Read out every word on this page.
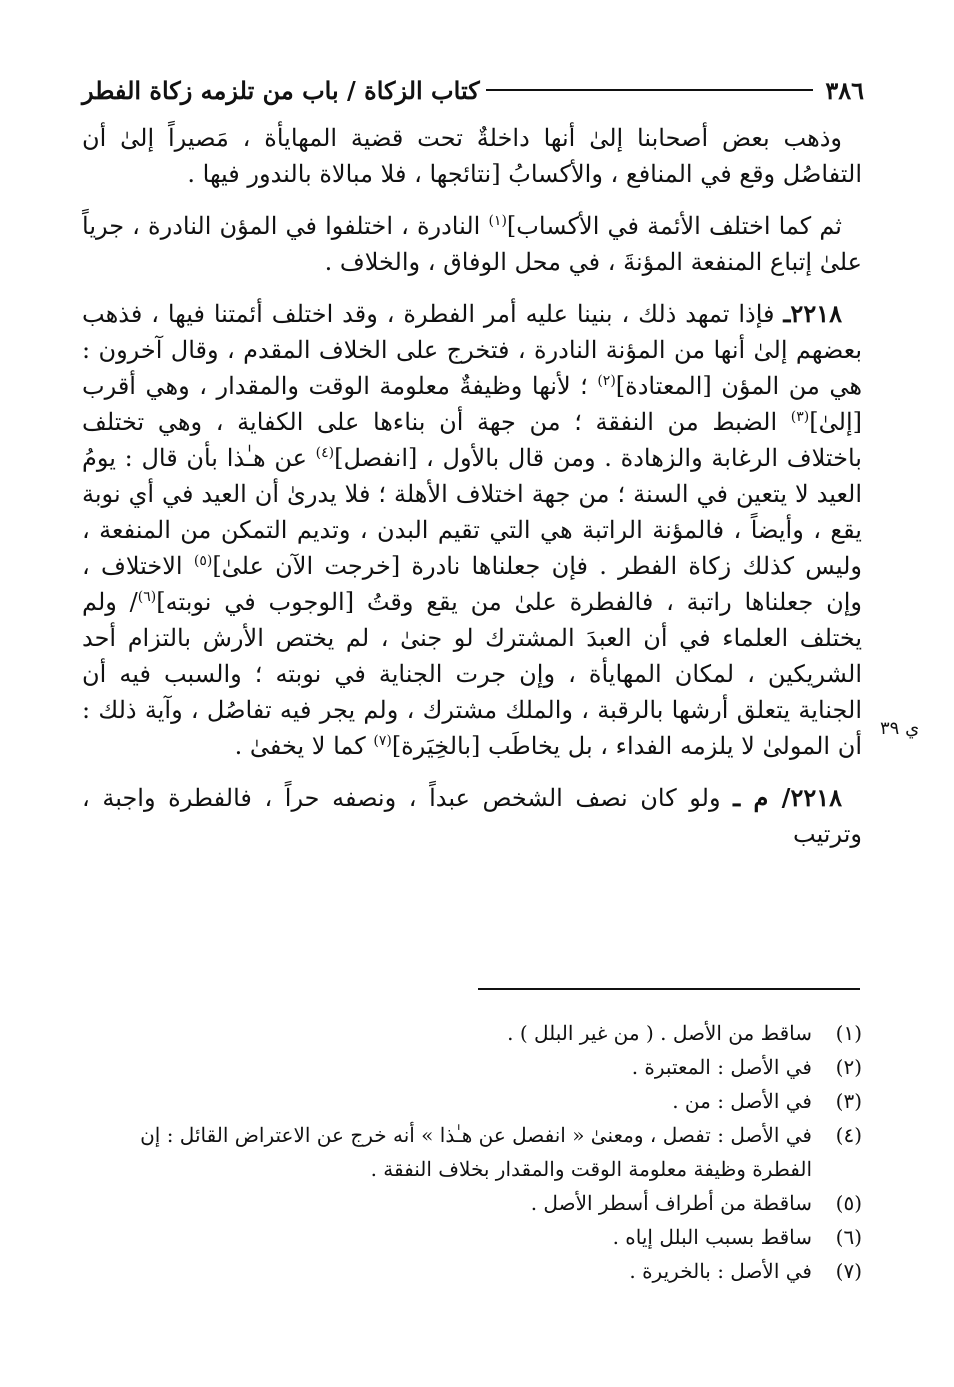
٣٨٦
كتاب الزكاة / باب من تلزمه زكاة الفطر

وذهب بعض أصحابنا إلىٰ أنها داخلةٌ تحت قضية المهايأة ، مَصيراً إلىٰ أن التفاصُل وقع في المنافع ، والأكسابُ [نتائجها ، فلا مبالاة بالندور فيها .

ثم كما اختلف الأئمة في الأكساب]$^{(١)}$ النادرة ، اختلفوا في المؤن النادرة ، جرياً علىٰ إتباع المنفعة المؤنةَ ، في محل الوفاق ، والخلاف .

٢٢١٨ـ فإذا تمهد ذلك ، بنينا عليه أمر الفطرة ، وقد اختلف أئمتنا فيها ، فذهب بعضهم إلىٰ أنها من المؤنة النادرة ، فتخرج على الخلاف المقدم ، وقال آخرون : هي من المؤن [المعتادة]$^{(٢)}$ ؛ لأنها وظيفةٌ معلومة الوقت والمقدار ، وهي أقرب [إلىٰ]$^{(٣)}$ الضبط من النفقة ؛ من جهة أن بناءها على الكفاية ، وهي تختلف باختلاف الرغابة والزهادة . ومن قال بالأول ، [انفصل]$^{(٤)}$ عن هـٰذا بأن قال : يومُ العيد لا يتعين في السنة ؛ من جهة اختلاف الأهلة ؛ فلا يدرىٰ أن العيد في أي نوبة يقع ، وأيضاً ، فالمؤنة الراتبة هي التي تقيم البدن ، وتديم التمكن من المنفعة ، وليس كذلك زكاة الفطر . فإن جعلناها نادرة [خرجت الآن علىٰ]$^{(٥)}$ الاختلاف ، وإن جعلناها راتبة ، فالفطرة علىٰ من يقع وقتُ [الوجوب في نوبته]$^{(٦)}$/ ولم يختلف العلماء في أن العبدَ المشترك لو جنىٰ ، لم يختص الأرش بالتزام أحد الشريكين ، لمكان المهايأة ، وإن جرت الجناية في نوبته ؛ والسبب فيه أن الجناية يتعلق أرشها بالرقبة ، والملك مشترك ، ولم يجر فيه تفاصُل ، وآية ذلك : أن المولىٰ لا يلزمه الفداء ، بل يخاطَب [بالخِيَرة]$^{(٧)}$ كما لا يخفىٰ .

٢٢١٨/ م ـ ولو كان نصف الشخص عبداً ، ونصفه حراً ، فالفطرة واجبة ، وترتيب

ي ٣٩
(١)
ساقط من الأصل . ( من غير البلل ) .
(٢)
في الأصل : المعتبرة .
(٣)
في الأصل : من .
(٤)
في الأصل : تفصل ، ومعنىٰ « انفصل عن هـٰذا » أنه خرج عن الاعتراض القائل : إن الفطرة وظيفة معلومة الوقت والمقدار بخلاف النفقة .
(٥)
ساقطة من أطراف أسطر الأصل .
(٦)
ساقط بسبب البلل إياه .
(٧)
في الأصل : بالخريرة .
